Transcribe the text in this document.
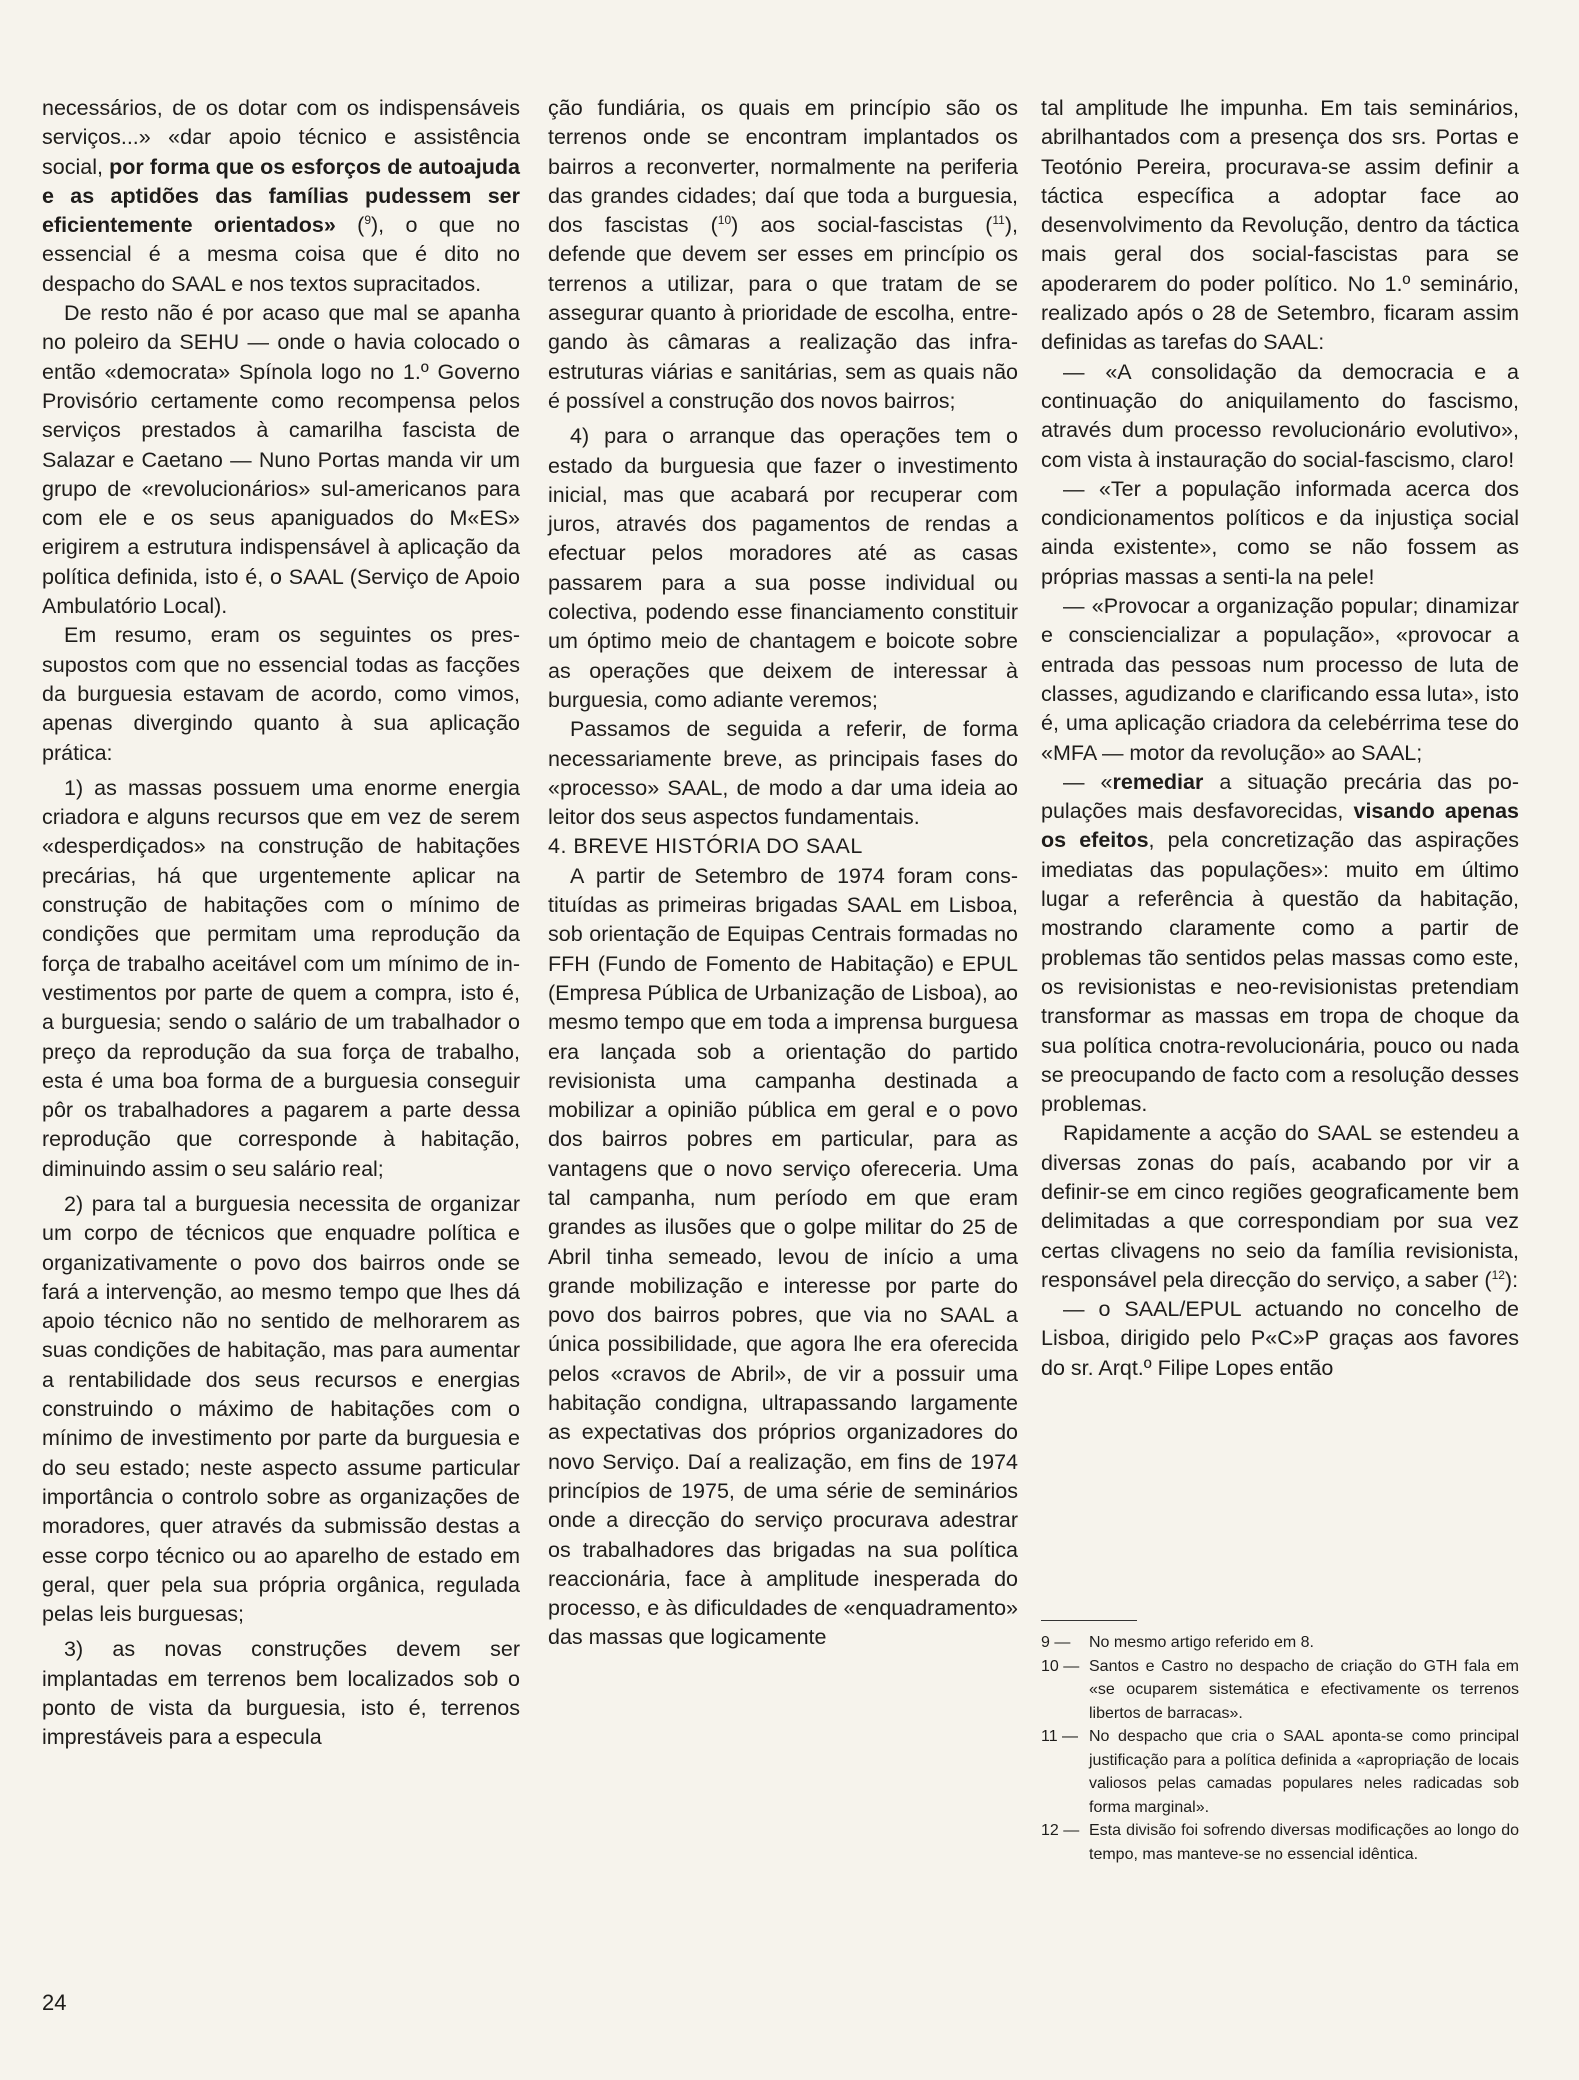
necessários, de os dotar com os indispensáveis serviços...» «dar apoio técnico e assistência social, por forma que os esforços de autoajuda e as aptidões das famílias pudessem ser eficientemente orientados» ($^9$), o que no essencial é a mesma coisa que é dito no despacho do SAAL e nos textos supracitados.

De resto não é por acaso que mal se apanha no poleiro da SEHU — onde o havia colocado o então «democrata» Spínola logo no 1.º Governo Provisório certamente como recompensa pelos serviços prestados à camarilha fascista de Salazar e Caetano — Nuno Portas manda vir um grupo de «revolucionários» sul-americanos para com ele e os seus apaniguados do M«ES» erigirem a estrutura indispensável à aplicação da política definida, isto é, o SAAL (Serviço de Apoio Ambulatório Local).

Em resumo, eram os seguintes os pressupostos com que no essencial todas as facções da burguesia estavam de acordo, como vimos, apenas divergindo quanto à sua aplicação prática:

1) as massas possuem uma enorme energia criadora e alguns recursos que em vez de serem «desperdiçados» na construção de habitações precárias, há que urgentemente aplicar na construção de habitações com o mínimo de condições que permitam uma reprodução da força de trabalho aceitável com um mínimo de investimentos por parte de quem a compra, isto é, a burguesia; sendo o salário de um trabalhador o preço da reprodução da sua força de trabalho, esta é uma boa forma de a burguesia conseguir pôr os trabalhadores a pagarem a parte dessa reprodução que corresponde à habitação, diminuindo assim o seu salário real;

2) para tal a burguesia necessita de organizar um corpo de técnicos que enquadre política e organizativamente o povo dos bairros onde se fará a intervenção, ao mesmo tempo que lhes dá apoio técnico não no sentido de melhorarem as suas condições de habitação, mas para aumentar a rentabilidade dos seus recursos e energias construindo o máximo de habitações com o mínimo de investimento por parte da burguesia e do seu estado; neste aspecto assume particular importância o controlo sobre as organizações de moradores, quer através da submissão destas a esse corpo técnico ou ao aparelho de estado em geral, quer pela sua própria orgânica, regulada pelas leis burguesas;

3) as novas construções devem ser implantadas em terrenos bem localizados sob o ponto de vista da burguesia, isto é, terrenos imprestáveis para a especula

ção fundiária, os quais em princípio são os terrenos onde se encontram implantados os bairros a reconverter, normalmente na periferia das grandes cidades; daí que toda a burguesia, dos fascistas ($^{10}$) aos social-fascistas ($^{11}$), defende que devem ser esses em princípio os terrenos a utilizar, para o que tratam de se assegurar quanto à prioridade de escolha, entregando às câmaras a realização das infra-estruturas viárias e sanitárias, sem as quais não é possível a construção dos novos bairros;

4) para o arranque das operações tem o estado da burguesia que fazer o investimento inicial, mas que acabará por recuperar com juros, através dos pagamentos de rendas a efectuar pelos moradores até as casas passarem para a sua posse individual ou colectiva, podendo esse financiamento constituir um óptimo meio de chantagem e boicote sobre as operações que deixem de interessar à burguesia, como adiante veremos;

Passamos de seguida a referir, de forma necessariamente breve, as principais fases do «processo» SAAL, de modo a dar uma ideia ao leitor dos seus aspectos fundamentais.

4. BREVE HISTÓRIA DO SAAL

A partir de Setembro de 1974 foram constituídas as primeiras brigadas SAAL em Lisboa, sob orientação de Equipas Centrais formadas no FFH (Fundo de Fomento de Habitação) e EPUL (Empresa Pública de Urbanização de Lisboa), ao mesmo tempo que em toda a imprensa burguesa era lançada sob a orientação do partido revisionista uma campanha destinada a mobilizar a opinião pública em geral e o povo dos bairros pobres em particular, para as vantagens que o novo serviço ofereceria. Uma tal campanha, num período em que eram grandes as ilusões que o golpe militar do 25 de Abril tinha semeado, levou de início a uma grande mobilização e interesse por parte do povo dos bairros pobres, que via no SAAL a única possibilidade, que agora lhe era oferecida pelos «cravos de Abril», de vir a possuir uma habitação condigna, ultrapassando largamente as expectativas dos próprios organizadores do novo Serviço. Daí a realização, em fins de 1974 princípios de 1975, de uma série de seminários onde a direcção do serviço procurava adestrar os trabalhadores das brigadas na sua política reaccionária, face à amplitude inesperada do processo, e às dificuldades de «enquadramento» das massas que logicamente

tal amplitude lhe impunha. Em tais seminários, abrilhantados com a presença dos srs. Portas e Teotónio Pereira, procurava-se assim definir a táctica específica a adoptar face ao desenvolvimento da Revolução, dentro da táctica mais geral dos social-fascistas para se apoderarem do poder político. No 1.º seminário, realizado após o 28 de Setembro, ficaram assim definidas as tarefas do SAAL:

— «A consolidação da democracia e a continuação do aniquilamento do fascismo, através dum processo revolucionário evolutivo», com vista à instauração do social-fascismo, claro!

— «Ter a população informada acerca dos condicionamentos políticos e da injustiça social ainda existente», como se não fossem as próprias massas a senti-la na pele!

— «Provocar a organização popular; dinamizar e consciencializar a população», «provocar a entrada das pessoas num processo de luta de classes, agudizando e clarificando essa luta», isto é, uma aplicação criadora da celebérrima tese do «MFA — motor da revolução» ao SAAL;

— «remediar a situação precária das populações mais desfavorecidas, visando apenas os efeitos, pela concretização das aspirações imediatas das populações»: muito em último lugar a referência à questão da habitação, mostrando claramente como a partir de problemas tão sentidos pelas massas como este, os revisionistas e neo-revisionistas pretendiam transformar as massas em tropa de choque da sua política cnotra-revolucionária, pouco ou nada se preocupando de facto com a resolução desses problemas.

Rapidamente a acção do SAAL se estendeu a diversas zonas do país, acabando por vir a definir-se em cinco regiões geograficamente bem delimitadas a que correspondiam por sua vez certas clivagens no seio da família revisionista, responsável pela direcção do serviço, a saber ($^{12}$):

— o SAAL/EPUL actuando no concelho de Lisboa, dirigido pelo P«C»P graças aos favores do sr. Arqt.º Filipe Lopes então

9 —	No mesmo artigo referido em 8.
10 — Santos e Castro no despacho de criação do GTH fala em «se ocuparem sistemática e efectivamente os terrenos libertos de barracas».
11 — No despacho que cria o SAAL aponta-se como principal justificação para a política definida a «apropriação de locais valiosos pelas camadas populares neles radicadas sob forma marginal».
12 — Esta divisão foi sofrendo diversas modificações ao longo do tempo, mas manteve-se no essencial idêntica.
24
